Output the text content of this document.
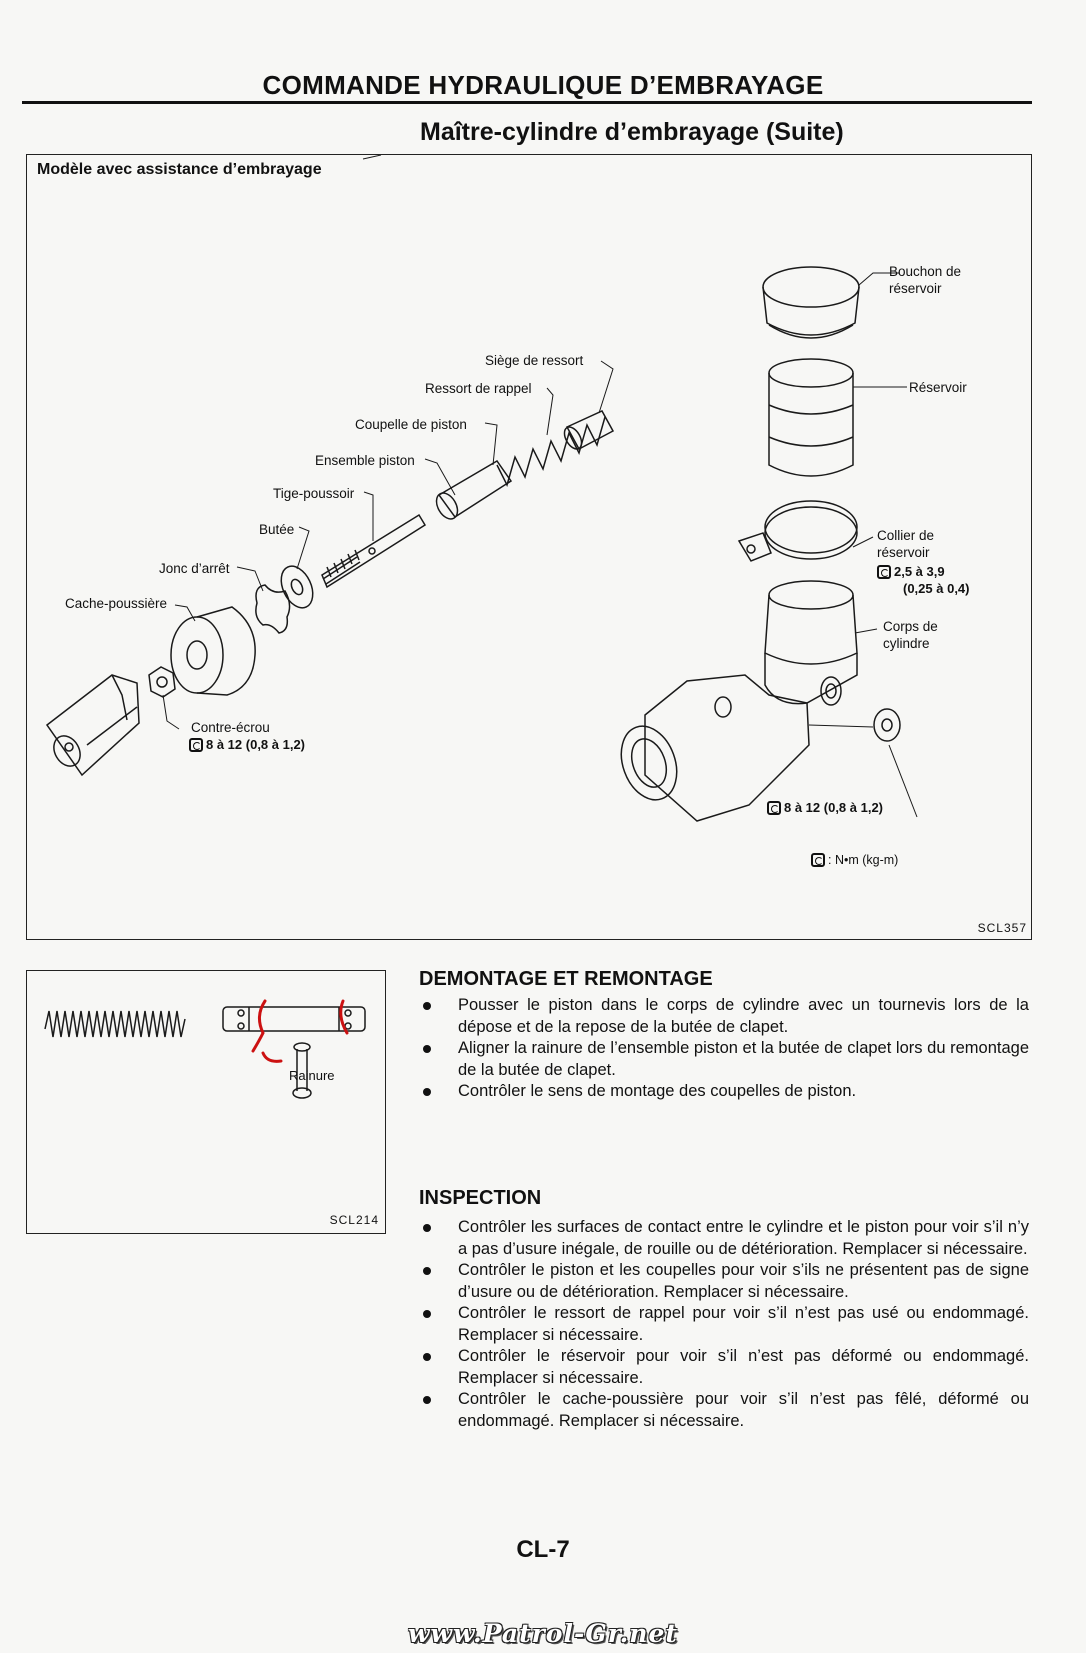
COMMANDE HYDRAULIQUE D’EMBRAYAGE
Maître-cylindre d’embrayage (Suite)
Modèle avec assistance d’embrayage
Bouchon de
réservoir
Réservoir
Siège de ressort
Ressort de rappel
Coupelle de piston
Ensemble piston
Tige-poussoir
Butée
Jonc d’arrêt
Cache-poussière
Contre-écrou
8 à 12 (0,8 à 1,2)
Collier de
réservoir
2,5 à 3,9
(0,25 à 0,4)
Corps de
cylindre
8 à 12 (0,8 à 1,2)
: N•m (kg-m)
SCL357
Rainure
SCL214
DEMONTAGE ET REMONTAGE
Pousser le piston dans le corps de cylindre avec un tournevis lors de la dépose et de la repose de la butée de clapet.
Aligner la rainure de l’ensemble piston et la butée de clapet lors du remontage de la butée de clapet.
Contrôler le sens de montage des coupelles de piston.
INSPECTION
Contrôler les surfaces de contact entre le cylindre et le piston pour voir s’il n’y a pas d’usure inégale, de rouille ou de détérioration. Remplacer si nécessaire.
Contrôler le piston et les coupelles pour voir s’ils ne présentent pas de signe d’usure ou de détérioration. Remplacer si nécessaire.
Contrôler le ressort de rappel pour voir s’il n’est pas usé ou endommagé. Remplacer si nécessaire.
Contrôler le réservoir pour voir s’il n’est pas déformé ou endommagé. Remplacer si nécessaire.
Contrôler le cache-poussière pour voir s’il n’est pas fêlé, déformé ou endommagé. Remplacer si nécessaire.
CL-7
www.Patrol-Gr.net
